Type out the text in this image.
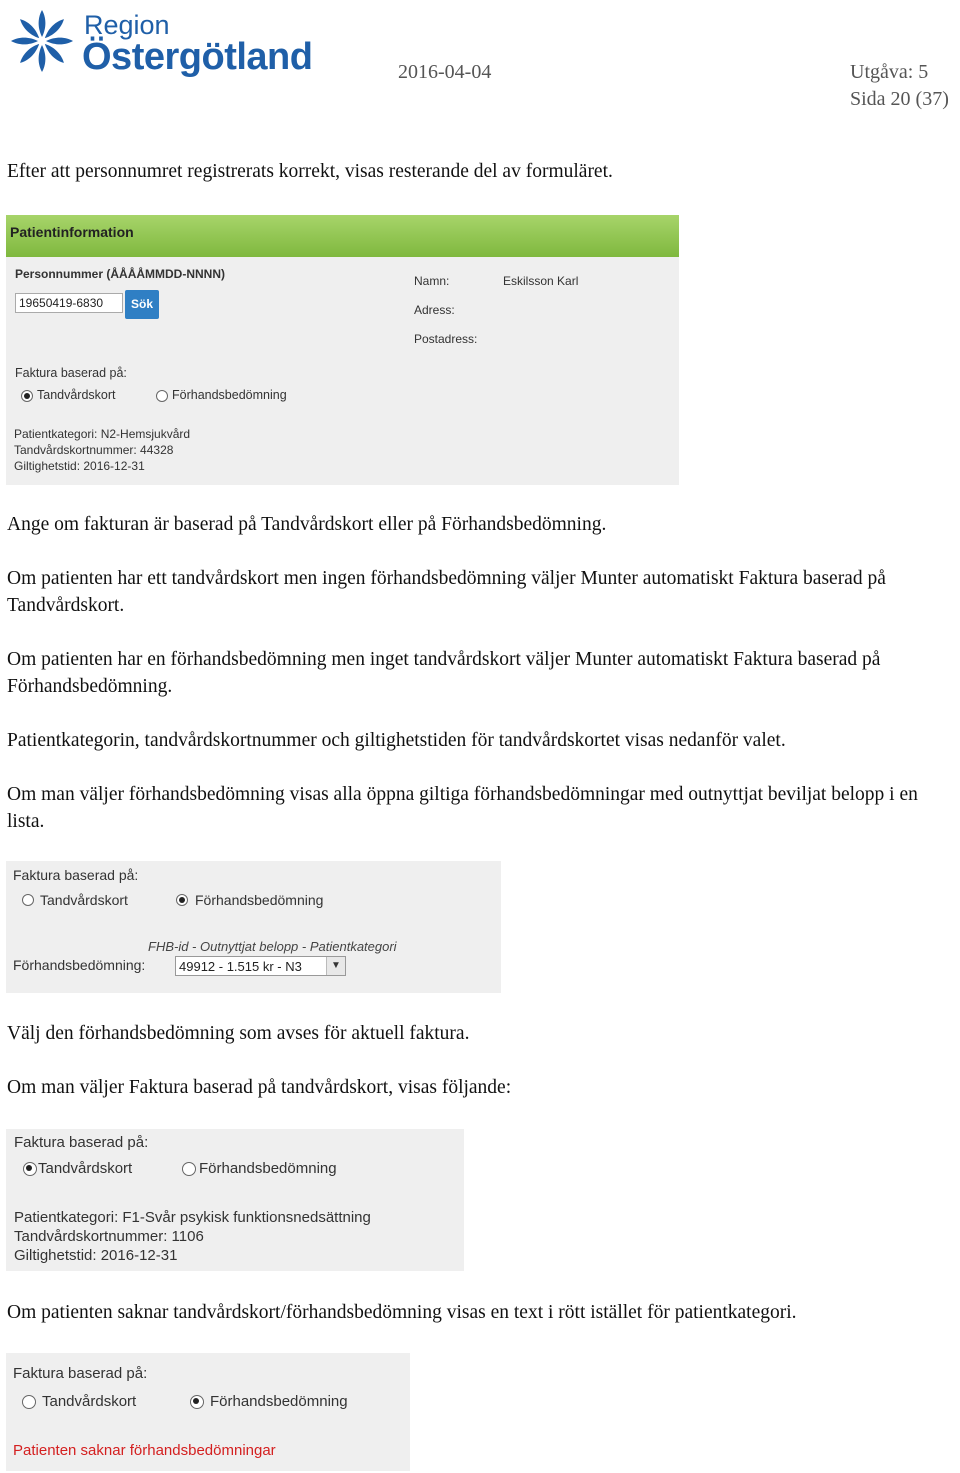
Region
Östergötland	2016-04-04	Utgåva: 5
Sida 20 (37)

Efter att personnumret registrerats korrekt, visas resterande del av formuläret.

Patientinformation
Personnummer (ÅÅÅÅMMDD-NNNN)
19650419-6830	Sök
Namn:	Eskilsson Karl
Adress:
Postadress:
Faktura baserad på:
Tandvårdskort	Förhandsbedömning
Patientkategori: N2-Hemsjukvård
Tandvårdskortnummer: 44328
Giltighetstid: 2016-12-31

Ange om fakturan är baserad på Tandvårdskort eller på Förhandsbedömning.

Om patienten har ett tandvårdskort men ingen förhandsbedömning väljer Munter automatiskt Faktura baserad på Tandvårdskort.

Om patienten har en förhandsbedömning men inget tandvårdskort väljer Munter automatiskt Faktura baserad på Förhandsbedömning.

Patientkategorin, tandvårdskortnummer och giltighetstiden för tandvårdskortet visas nedanför valet.

Om man väljer förhandsbedömning visas alla öppna giltiga förhandsbedömningar med outnyttjat beviljat belopp i en lista.

Faktura baserad på:
Tandvårdskort	Förhandsbedömning
FHB-id - Outnyttjat belopp - Patientkategori
Förhandsbedömning:	49912 - 1.515 kr - N3	▼

Välj den förhandsbedömning som avses för aktuell faktura.

Om man väljer Faktura baserad på tandvårdskort, visas följande:

Faktura baserad på:
Tandvårdskort	Förhandsbedömning
Patientkategori: F1-Svår psykisk funktionsnedsättning
Tandvårdskortnummer: 1106
Giltighetstid: 2016-12-31

Om patienten saknar tandvårdskort/förhandsbedömning visas en text i rött istället för patientkategori.

Faktura baserad på:
Tandvårdskort	Förhandsbedömning
Patienten saknar förhandsbedömningar
